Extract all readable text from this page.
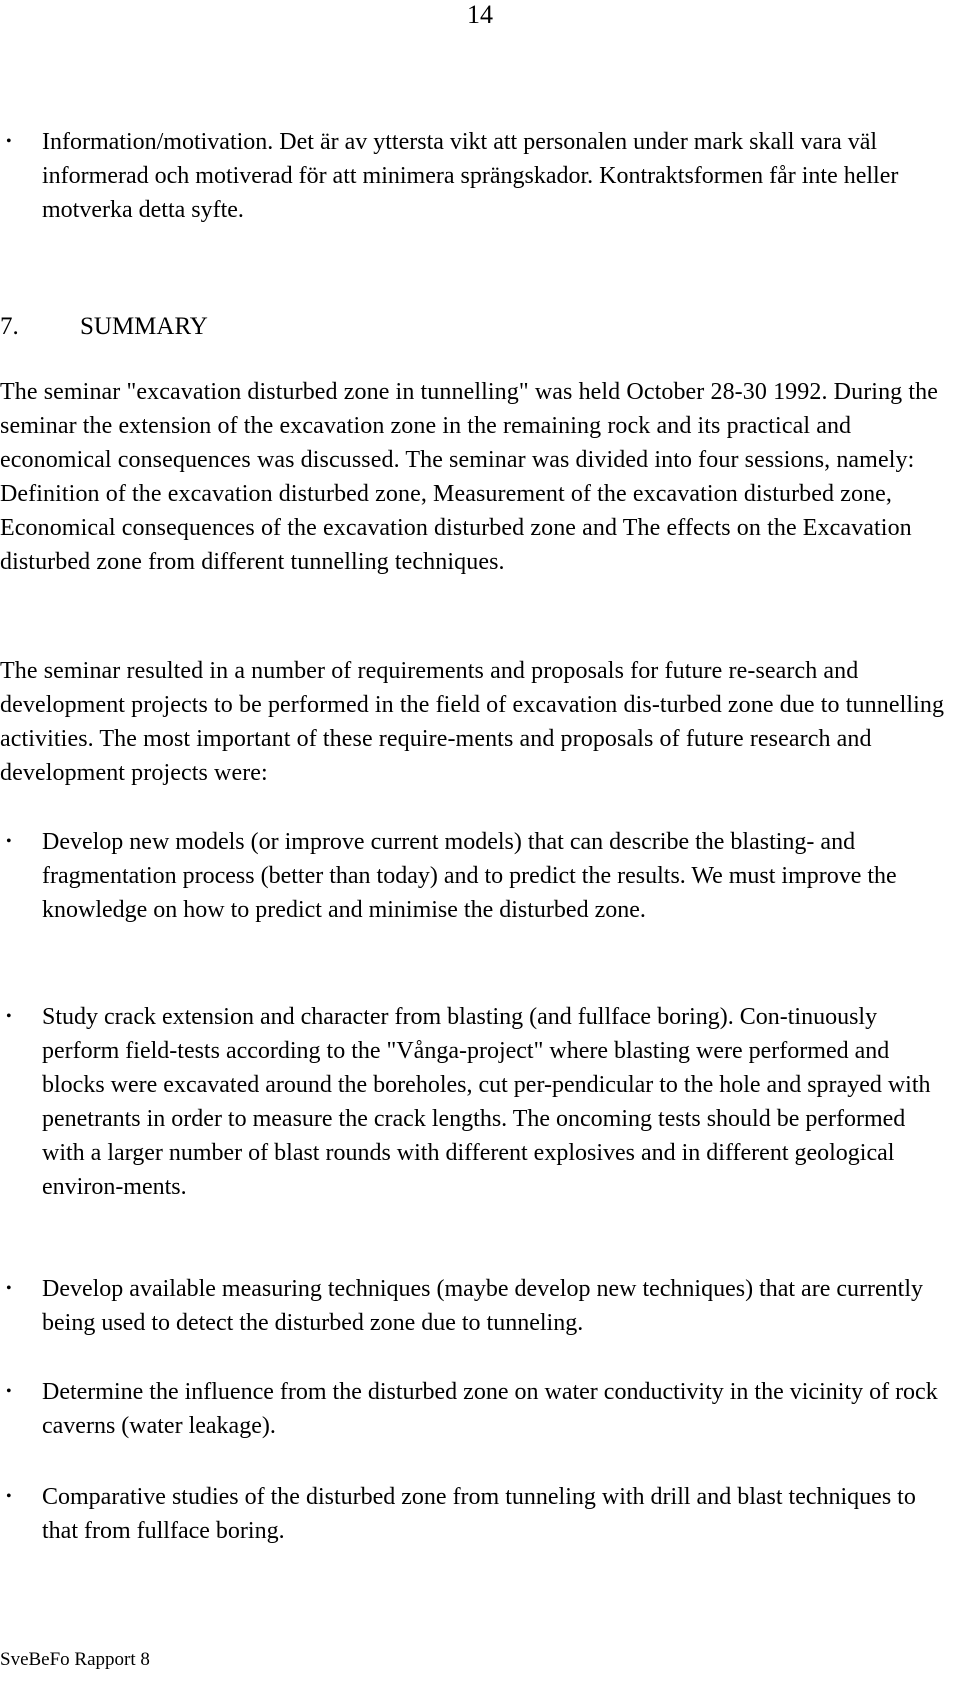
14
• Information/motivation. Det är av yttersta vikt att personalen under mark skall vara väl informerad och motiverad för att minimera sprängskador. Kontraktsformen får inte heller motverka detta syfte.

7. SUMMARY

The seminar "excavation disturbed zone in tunnelling" was held October 28-30 1992. During the seminar the extension of the excavation zone in the remaining rock and its practical and economical consequences was discussed. The seminar was divided into four sessions, namely: Definition of the excavation disturbed zone, Measurement of the excavation disturbed zone, Economical consequences of the excavation disturbed zone and The effects on the Excavation disturbed zone from different tunnelling techniques.

The seminar resulted in a number of requirements and proposals for future re-search and development projects to be performed in the field of excavation dis-turbed zone due to tunnelling activities. The most important of these require-ments and proposals of future research and development projects were:

• Develop new models (or improve current models) that can describe the blasting- and fragmentation process (better than today) and to predict the results. We must improve the knowledge on how to predict and minimise the disturbed zone.

• Study crack extension and character from blasting (and fullface boring). Con-tinuously perform field-tests according to the "Vånga-project" where blasting were performed and blocks were excavated around the boreholes, cut per-pendicular to the hole and sprayed with penetrants in order to measure the crack lengths. The oncoming tests should be performed with a larger number of blast rounds with different explosives and in different geological environ-ments.

• Develop available measuring techniques (maybe develop new techniques) that are currently being used to detect the disturbed zone due to tunneling.

• Determine the influence from the disturbed zone on water conductivity in the vicinity of rock caverns (water leakage).

• Comparative studies of the disturbed zone from tunneling with drill and blast techniques to that from fullface boring.

SveBeFo Rapport 8
